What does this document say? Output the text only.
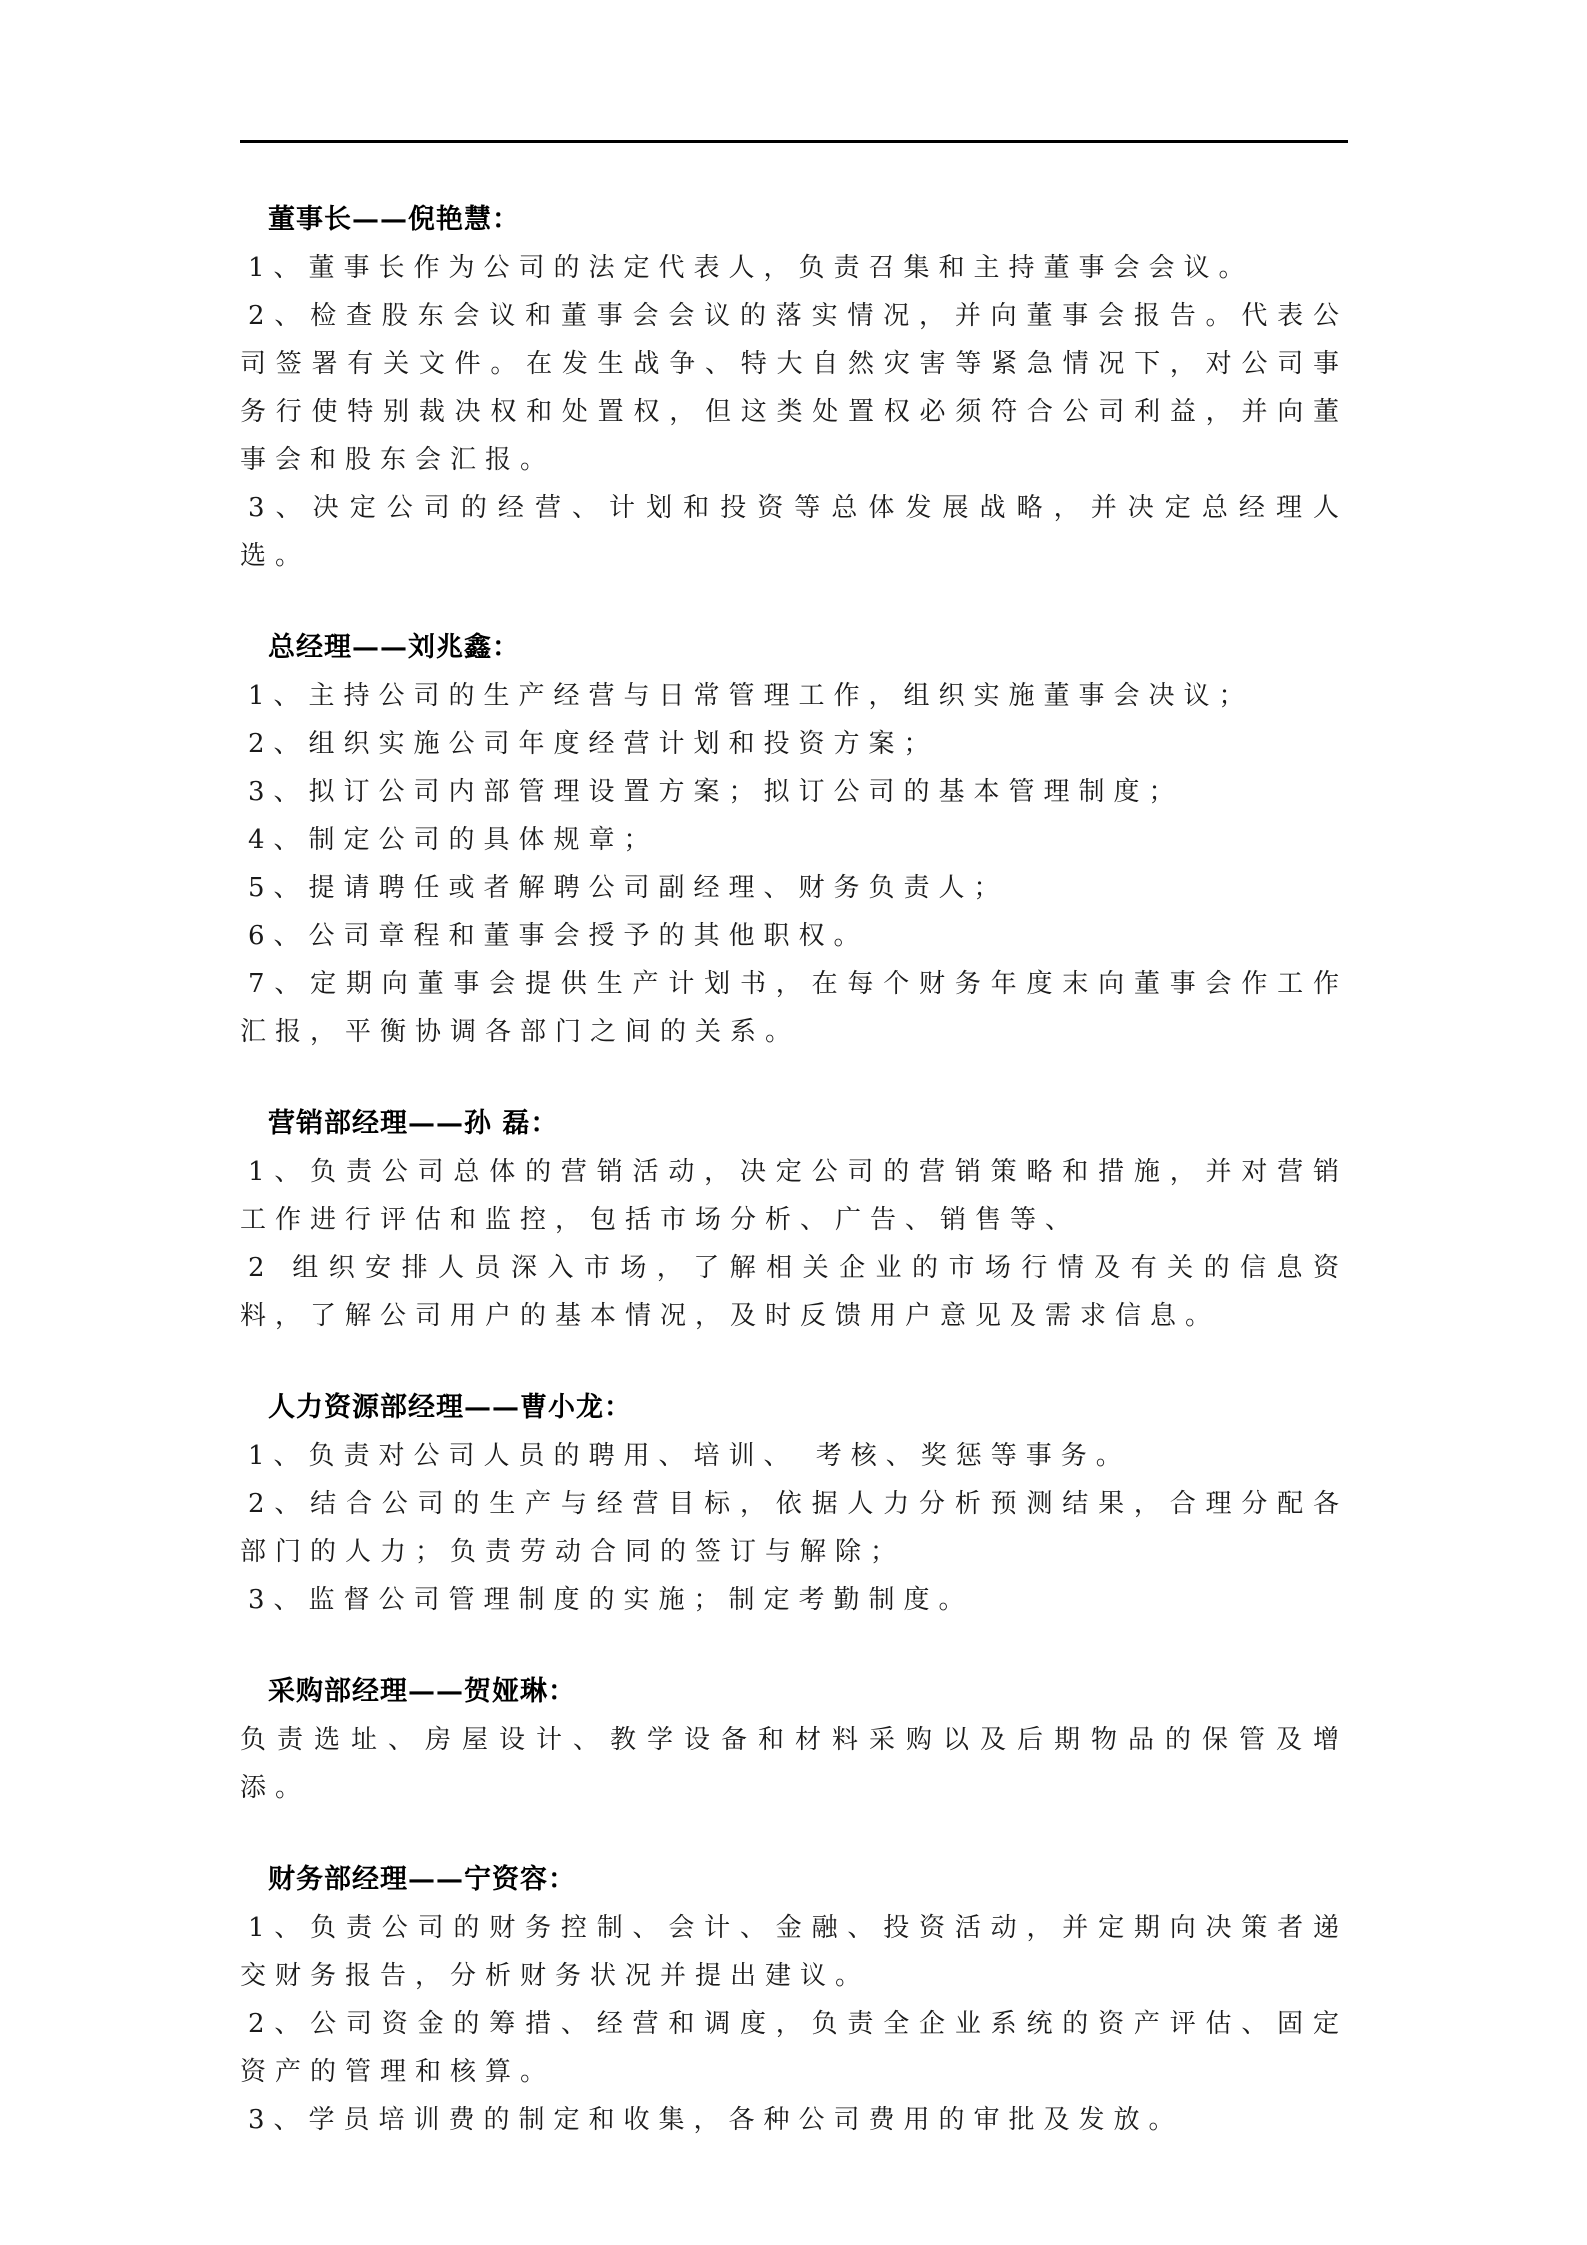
董事长——倪艳慧：
1、董事长作为公司的法定代表人，负责召集和主持董事会会议。
2、检查股东会议和董事会会议的落实情况，并向董事会报告。代表公司签署有关文件。在发生战争、特大自然灾害等紧急情况下，对公司事务行使特别裁决权和处置权，但这类处置权必须符合公司利益，并向董事会和股东会汇报。
3、决定公司的经营、计划和投资等总体发展战略，并决定总经理人选。
总经理——刘兆鑫：
1、主持公司的生产经营与日常管理工作，组织实施董事会决议；
2、组织实施公司年度经营计划和投资方案；
3、拟订公司内部管理设置方案；拟订公司的基本管理制度；
4、制定公司的具体规章；
5、提请聘任或者解聘公司副经理、财务负责人；
6、公司章程和董事会授予的其他职权。
7、定期向董事会提供生产计划书，在每个财务年度末向董事会作工作汇报，平衡协调各部门之间的关系。
营销部经理——孙 磊：
1、负责公司总体的营销活动，决定公司的营销策略和措施，并对营销工作进行评估和监控，包括市场分析、广告、销售等、
2 组织安排人员深入市场，了解相关企业的市场行情及有关的信息资料，了解公司用户的基本情况，及时反馈用户意见及需求信息。
人力资源部经理——曹小龙：
1、负责对公司人员的聘用、培训、 考核、奖惩等事务。
2、结合公司的生产与经营目标，依据人力分析预测结果，合理分配各部门的人力；负责劳动合同的签订与解除；
3、监督公司管理制度的实施；制定考勤制度。
采购部经理——贺娅琳：
负责选址、房屋设计、教学设备和材料采购以及后期物品的保管及增添。
财务部经理——宁资容：
1、负责公司的财务控制、会计、金融、投资活动，并定期向决策者递交财务报告，分析财务状况并提出建议。
2、公司资金的筹措、经营和调度，负责全企业系统的资产评估、固定资产的管理和核算。
3、学员培训费的制定和收集，各种公司费用的审批及发放。
